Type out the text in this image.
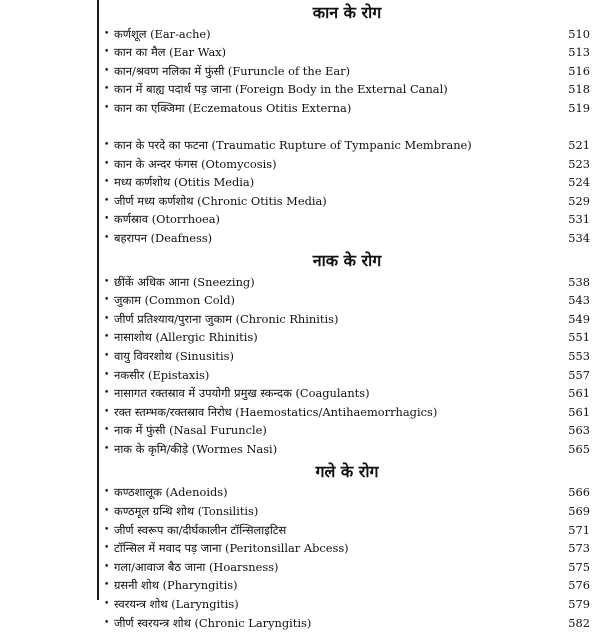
कान के रोग
• कर्णशूल (Ear-ache)	510
• कान का मैल (Ear Wax)	513
• कान/श्रवण नलिका में फुंसी (Furuncle of the Ear)	516
• कान में बाह्य पदार्थ पड़ जाना (Foreign Body in the External Canal)	518
• कान का एक्जिमा (Eczematous Otitis Externa)	519
• कान के परदे का फटना (Traumatic Rupture of Tympanic Membrane)	521
• कान के अन्दर फंगस (Otomycosis)	523
• मध्य कर्णशोथ (Otitis Media)	524
• जीर्ण मध्य कर्णशोथ (Chronic Otitis Media)	529
• कर्णस्राव (Otorrhoea)	531
• बहरापन (Deafness)	534
नाक के रोग
• छींकें अधिक आना (Sneezing)	538
• जुकाम (Common Cold)	543
• जीर्ण प्रतिश्याय/पुराना जुकाम (Chronic Rhinitis)	549
• नासाशोथ (Allergic Rhinitis)	551
• वायु विवरशोथ (Sinusitis)	553
• नकसीर (Epistaxis)	557
• नासागत रक्तस्राव में उपयोगी प्रमुख स्कन्दक (Coagulants)	561
• रक्त स्तम्भक/रक्तस्राव निरोध (Haemostatics/Antihaemorrhagics)	561
• नाक में फुंसी (Nasal Furuncle)	563
• नाक के कृमि/कीड़े (Wormes Nasi)	565
गले के रोग
• कण्ठशालूक (Adenoids)	566
• कण्ठमूल ग्रन्थि शोथ (Tonsilitis)	569
• जीर्ण स्वरूप का/दीर्घकालीन टॉन्सिलाइटिस	571
• टॉन्सिल में मवाद पड़ जाना (Peritonsillar Abcess)	573
• गला/आवाज बैठ जाना (Hoarsness)	575
• ग्रसनी शोथ (Pharyngitis)	576
• स्वरयन्त्र शोथ (Laryngitis)	579
• जीर्ण स्वरयन्त्र शोथ (Chronic Laryngitis)	582
